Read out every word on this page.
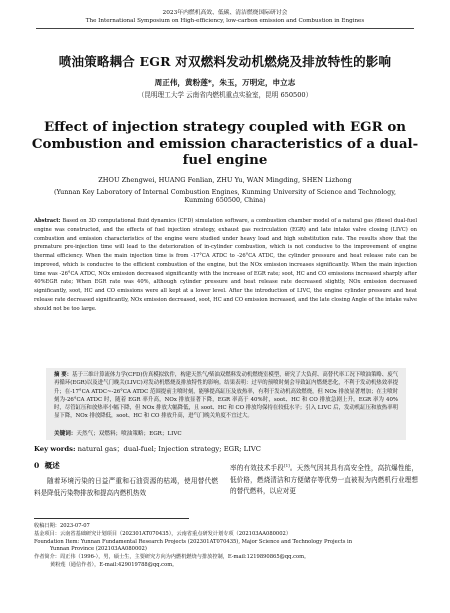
2023年内燃机高效、低碳、清洁燃烧国际研讨会
The International Symposium on High-efficiency, low-carbon emission and Combustion in Engines
喷油策略耦合 EGR 对双燃料发动机燃烧及排放特性的影响
周正伟，黄粉莲*，朱玉，万明定，申立志
（昆明理工大学 云南省内燃机重点实验室，昆明 650500）
Effect of injection strategy coupled with EGR on Combustion and emission characteristics of a dual-fuel engine
ZHOU Zhengwei, HUANG Fenlian, ZHU Yu, WAN Mingding, SHEN Lizhong
(Yunnan Key Laboratory of Internal Combustion Engines, Kunming University of Science and Technology, Kunming 650500, China)
Abstract: Based on 3D computational fluid dynamics (CFD) simulation software, a combustion chamber model of a natural gas /diesel dual-fuel engine was constructed, and the effects of fuel injection strategy, exhaust gas recirculation (EGR) and late intake valve closing (LIVC) on combustion and emission characteristics of the engine were studied under heavy load and high substitution rate. The results show that the premature pre-injection time will lead to the deterioration of in-cylinder combustion, which is not conducive to the improvement of engine thermal efficiency. When the main injection time is from -17°CA ATDC to -26°CA ATDC, the cylinder pressure and heat release rate can be improved, which is conducive to the efficient combustion of the engine, but the NOx emission increases significantly. When the main injection time was -26°CA ATDC, NOx emission decreased significantly with the increase of EGR rate; soot, HC and CO emissions increased sharply after 40%EGR rate; When EGR rate was 40%, although cylinder pressure and heat release rate decreased slightly, NOx emission decreased significantly, soot, HC and CO emissions were all kept at a lower level. After the introduction of LIVC, the engine cylinder pressure and heat release rate decreased significantly, NOx emission decreased, soot, HC and CO emission increased, and the late closing Angle of the intake valve should not be too large.
摘 要：基于三维计算流体力学(CFD)仿真模拟软件，构建天然气/柴油双燃料发动机燃烧室模型，研究了大负荷、高替代率工况下喷油策略、废气再循环(EGR)以及进气门晚关(LIVC)对发动机燃烧及排放特性的影响。结果表明：过早的预喷时刻会导致缸内燃烧恶化，不利于发动机热效率提升；在-17°CA ATDC~-26°CA ATDC 范围提前主喷时刻，能够提高缸压及放热率，有利于发动机高效燃烧，但 NOx 排放显著增加；在主喷时刻为-26°CA ATDC 时，随着 EGR 率升高，NOx 排放显著下降，EGR 率高于 40%时，soot、HC 和 CO 排放急剧上升，EGR 率为 40%时，尽管缸压和放热率小幅下降，但 NOx 排放大幅降低，且 soot、HC 和 CO 排放均保持在较低水平；引入 LIVC 后，发动机缸压和放热率明显下降，NOx 排放降低，soot、HC 和 CO 排放升高，进气门晚关角度不宜过大。
关键词：天然气；双燃料；喷油策略；EGR；LIVC
Key words: natural gas；dual-fuel; Injection strategy; EGR; LIVC
0 概述
随着环境污染的日益严重和石油资源的枯竭，使用替代燃料是降低污染物排放和提高内燃机热效
率的有效技术手段[1]。天然气因其具有高安全性，高抗爆性能，低价格，燃烧清洁和方便储存等优势一直被视为内燃机行业理想的替代燃料，以应对更
收稿日期：2023-07-07
基金项目：云南省基础研究计划项目（202301AT070435），云南省重点研发计划专项（202103AA080002）
Foundation Item: Yunnan Fundamental Research Projects (202301AT070435), Major Science and Technology Projects in
Yunnan Province (202103AA080002)
作者简介：周正伟（1996-），男，硕士生，主要研究方向为内燃机燃烧与排放控制，E-mail:1219890865@qq.com。
黄粉莲（通信作者），E-mail:429019788@qq.com。
